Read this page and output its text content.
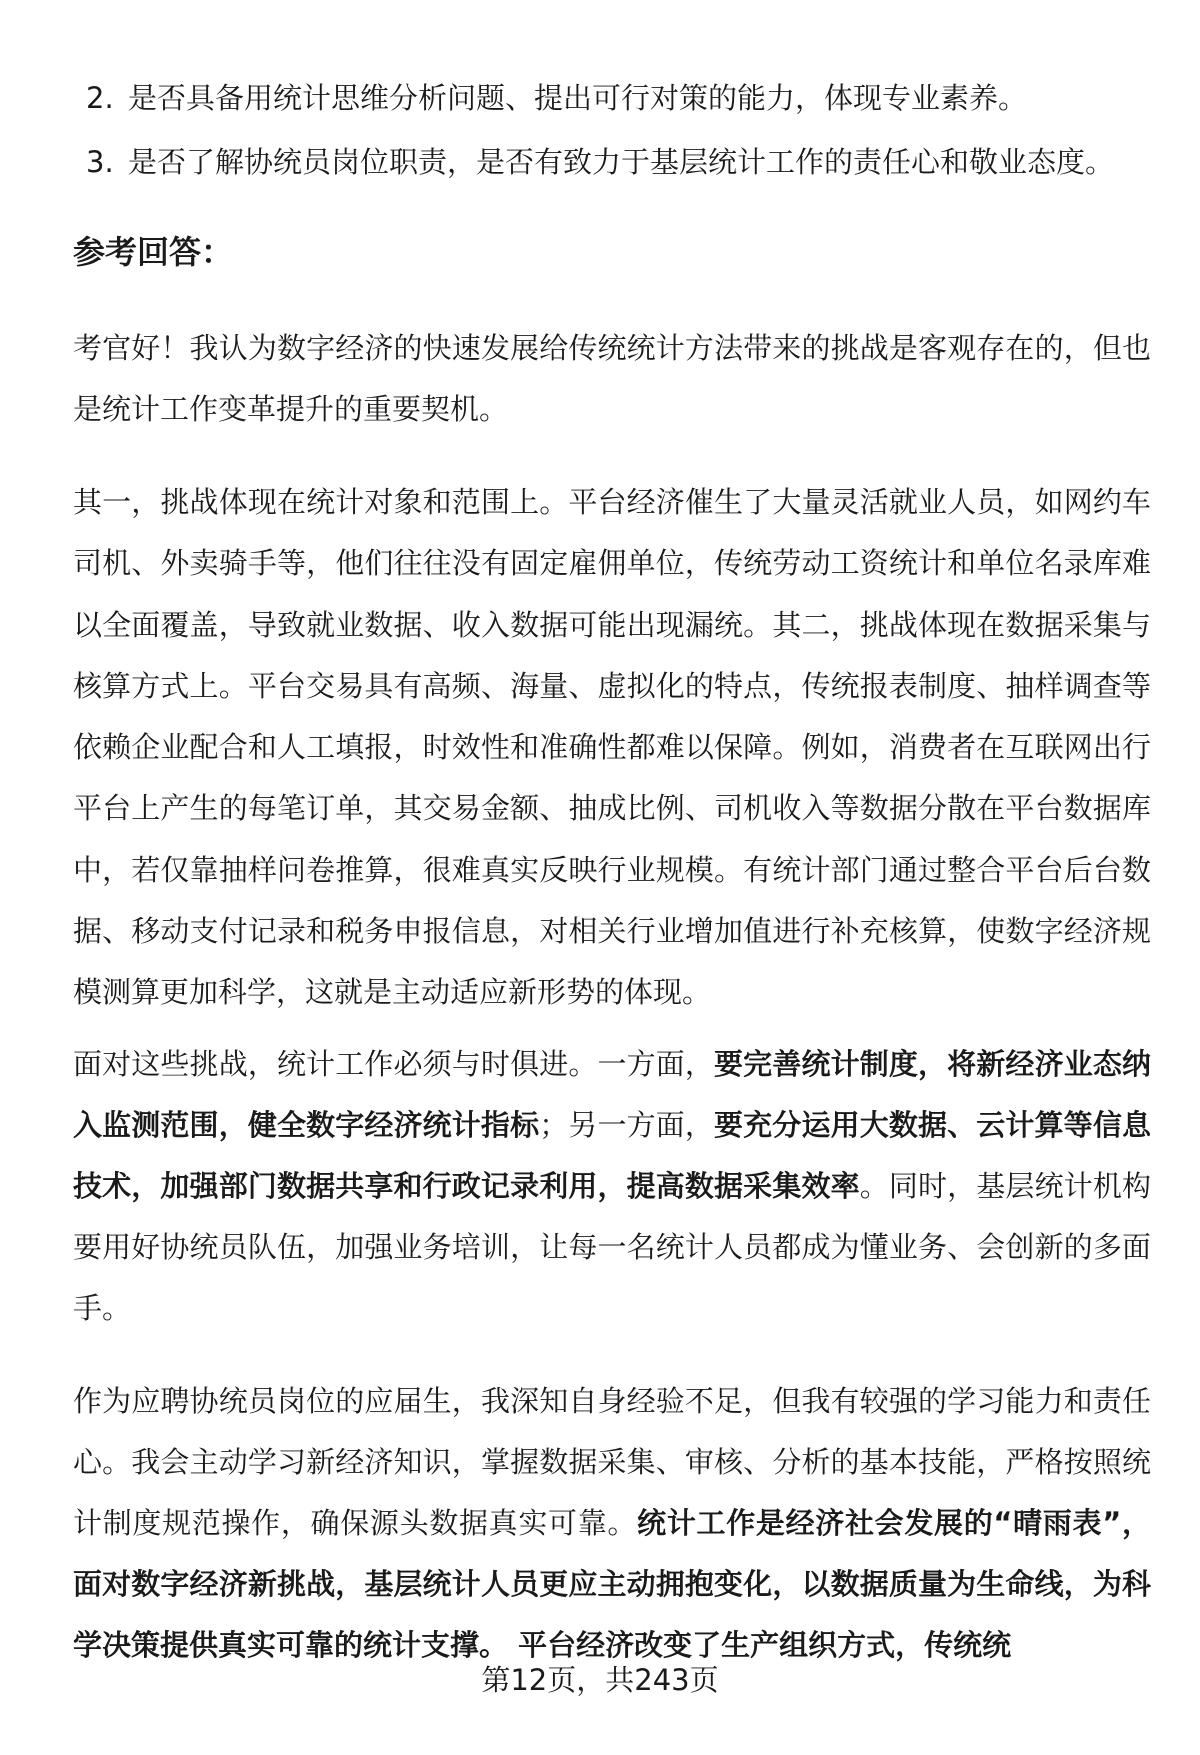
2. 是否具备用统计思维分析问题、提出可行对策的能力，体现专业素养。
3. 是否了解协统员岗位职责，是否有致力于基层统计工作的责任心和敬业态度。
参考回答：

考官好！我认为数字经济的快速发展给传统统计方法带来的挑战是客观存在的，但也是统计工作变革提升的重要契机。

其一，挑战体现在统计对象和范围上。平台经济催生了大量灵活就业人员，如网约车司机、外卖骑手等，他们往往没有固定雇佣单位，传统劳动工资统计和单位名录库难以全面覆盖，导致就业数据、收入数据可能出现漏统。其二，挑战体现在数据采集与核算方式上。平台交易具有高频、海量、虚拟化的特点，传统报表制度、抽样调查等依赖企业配合和人工填报，时效性和准确性都难以保障。例如，消费者在互联网出行平台上产生的每笔订单，其交易金额、抽成比例、司机收入等数据分散在平台数据库中，若仅靠抽样问卷推算，很难真实反映行业规模。有统计部门通过整合平台后台数据、移动支付记录和税务申报信息，对相关行业增加值进行补充核算，使数字经济规模测算更加科学，这就是主动适应新形势的体现。

面对这些挑战，统计工作必须与时俱进。一方面，要完善统计制度，将新经济业态纳入监测范围，健全数字经济统计指标；另一方面，要充分运用大数据、云计算等信息技术，加强部门数据共享和行政记录利用，提高数据采集效率。同时，基层统计机构要用好协统员队伍，加强业务培训，让每一名统计人员都成为懂业务、会创新的多面手。

作为应聘协统员岗位的应届生，我深知自身经验不足，但我有较强的学习能力和责任心。我会主动学习新经济知识，掌握数据采集、审核、分析的基本技能，严格按照统计制度规范操作，确保源头数据真实可靠。统计工作是经济社会发展的“晴雨表”，面对数字经济新挑战，基层统计人员更应主动拥抱变化，以数据质量为生命线，为科学决策提供真实可靠的统计支撑。 平台经济改变了生产组织方式，传统统

第12页，共243页
